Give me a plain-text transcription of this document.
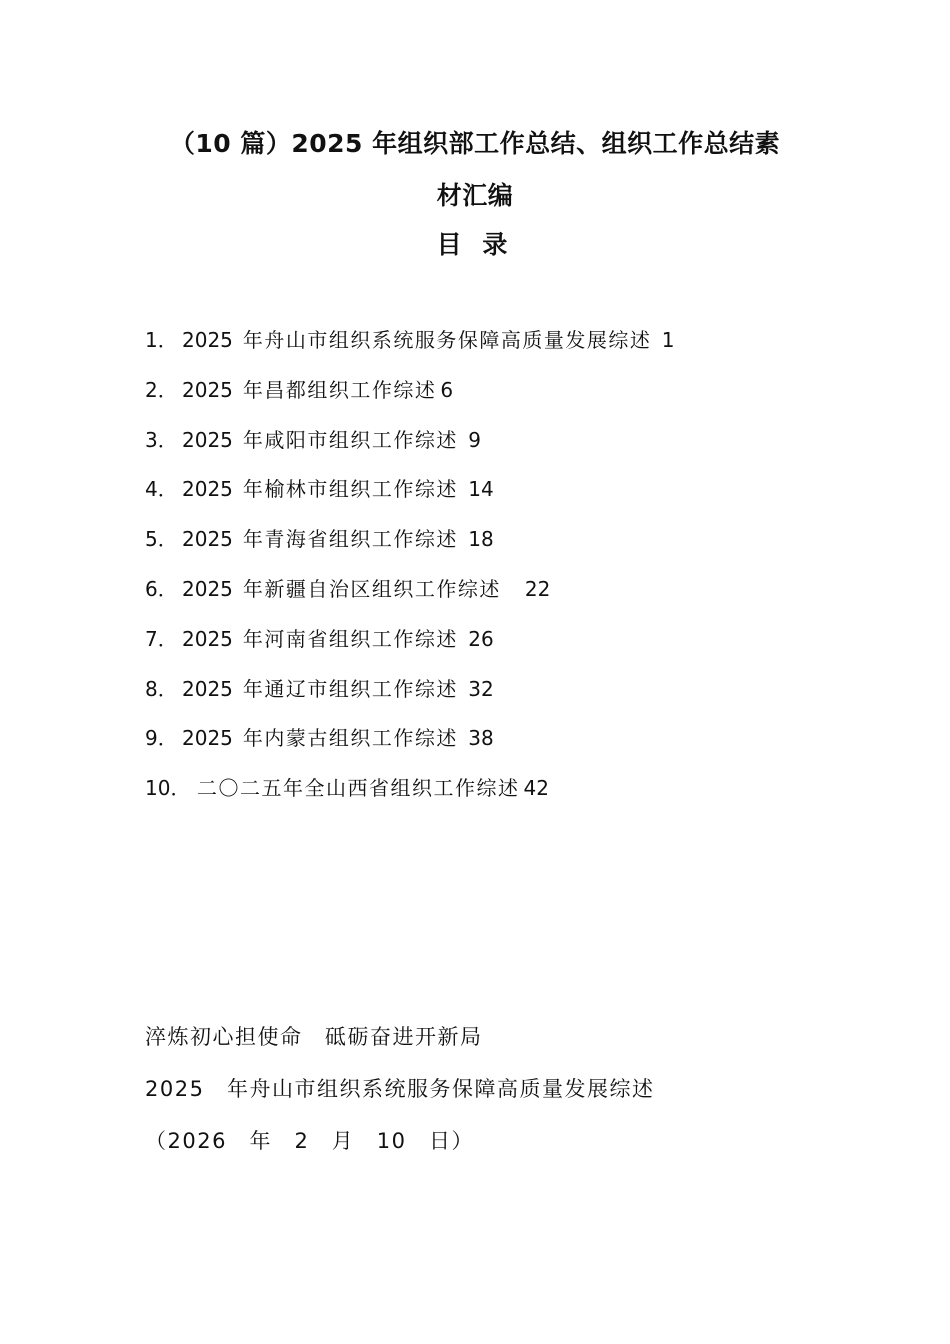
（10 篇）2025 年组织部工作总结、组织工作总结素
材汇编
目 录
1． 2025 年舟山市组织系统服务保障高质量发展综述 1
2． 2025 年昌都组织工作综述 6
3． 2025 年咸阳市组织工作综述 9
4． 2025 年榆林市组织工作综述 14
5． 2025 年青海省组织工作综述 18
6． 2025 年新疆自治区组织工作综述　22
7． 2025 年河南省组织工作综述 26
8． 2025 年通辽市组织工作综述 32
9． 2025 年内蒙古组织工作综述 38
10． 二〇二五年全山西省组织工作综述 42
淬炼初心担使命　砥砺奋进开新局
2025　年舟山市组织系统服务保障高质量发展综述
（2026　年　2　月　10　日）
